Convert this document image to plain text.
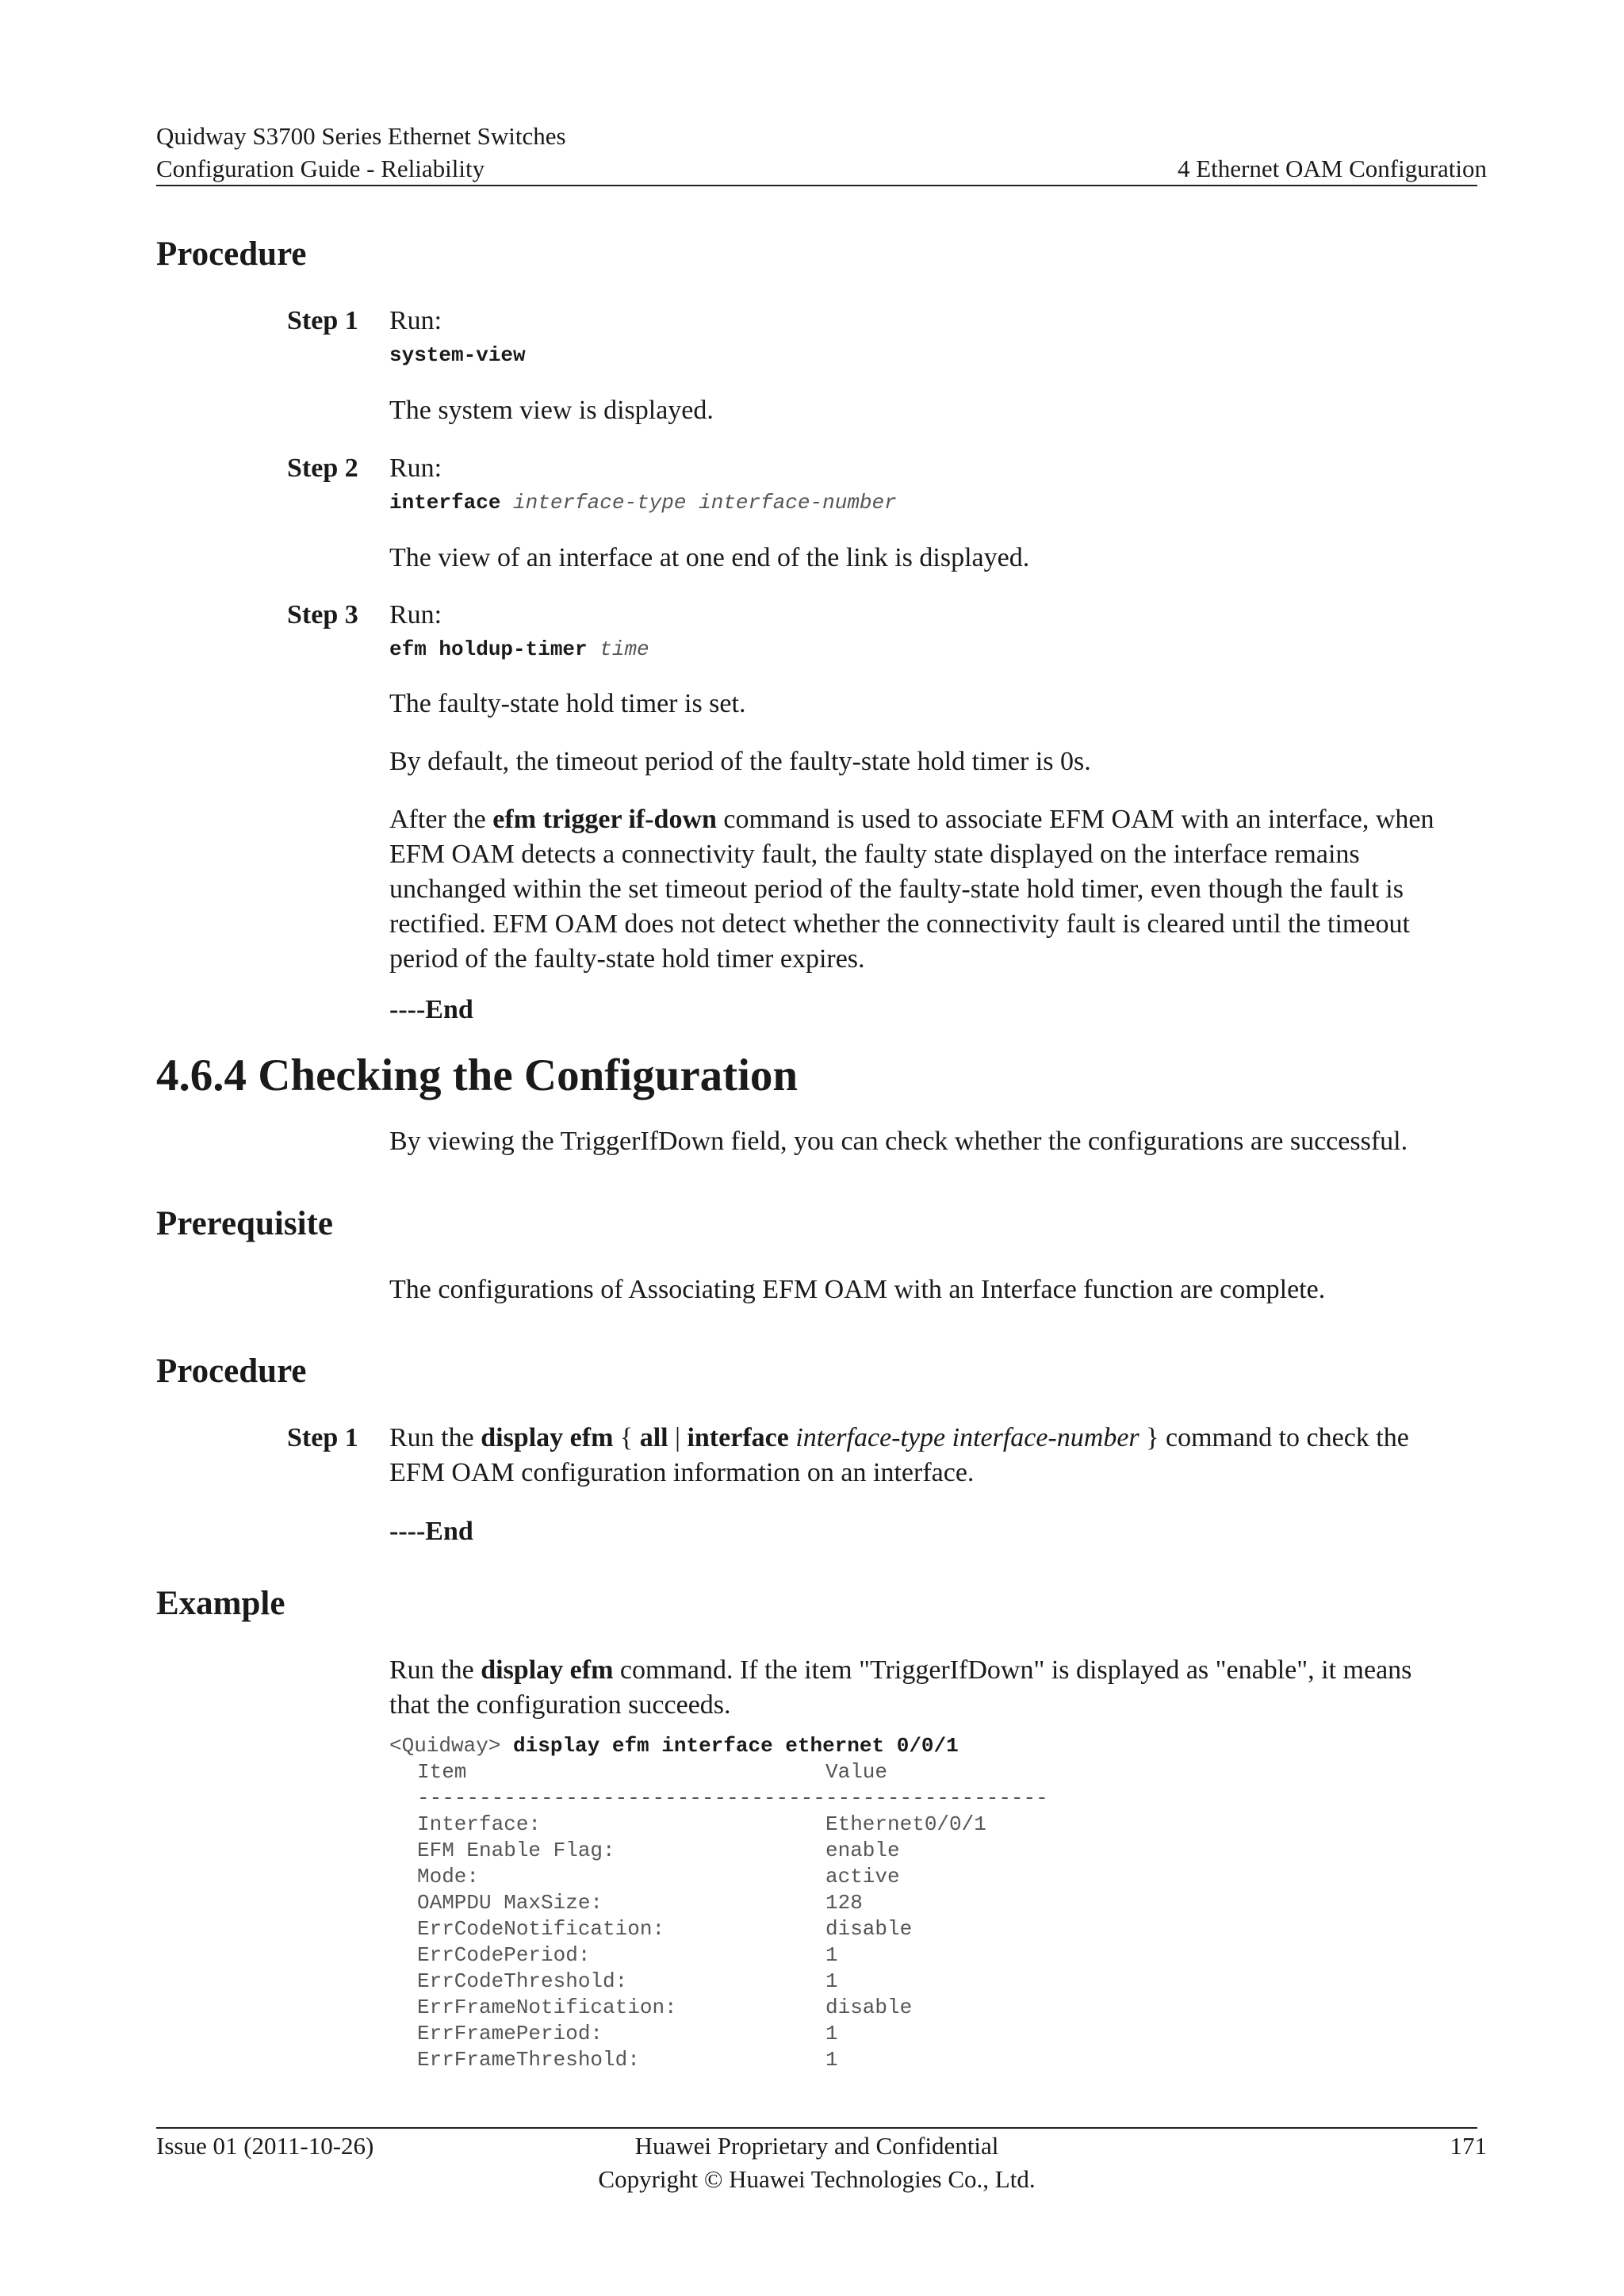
Quidway S3700 Series Ethernet Switches
Configuration Guide - Reliability	4 Ethernet OAM Configuration
Procedure
Step 1 Run:
system-view
The system view is displayed.
Step 2 Run:
interface interface-type interface-number
The view of an interface at one end of the link is displayed.
Step 3 Run:
efm holdup-timer time
The faulty-state hold timer is set.
By default, the timeout period of the faulty-state hold timer is 0s.
After the efm trigger if-down command is used to associate EFM OAM with an interface, when
EFM OAM detects a connectivity fault, the faulty state displayed on the interface remains
unchanged within the set timeout period of the faulty-state hold timer, even though the fault is
rectified. EFM OAM does not detect whether the connectivity fault is cleared until the timeout
period of the faulty-state hold timer expires.
----End
4.6.4 Checking the Configuration
By viewing the TriggerIfDown field, you can check whether the configurations are successful.
Prerequisite
The configurations of Associating EFM OAM with an Interface function are complete.
Procedure
Step 1 Run the display efm { all | interface interface-type interface-number } command to check the
EFM OAM configuration information on an interface.
----End
Example
Run the display efm command. If the item "TriggerIfDown" is displayed as "enable", it means
that the configuration succeeds.
<Quidway> display efm interface ethernet 0/0/1
Item	Value
---------------------------------------------------
Interface:	Ethernet0/0/1
EFM Enable Flag:	enable
Mode:	active
OAMPDU MaxSize:	128
ErrCodeNotification:	disable
ErrCodePeriod:	1
ErrCodeThreshold:	1
ErrFrameNotification:	disable
ErrFramePeriod:	1
ErrFrameThreshold:	1
Issue 01 (2011-10-26)	Huawei Proprietary and Confidential
Copyright © Huawei Technologies Co., Ltd.
171
